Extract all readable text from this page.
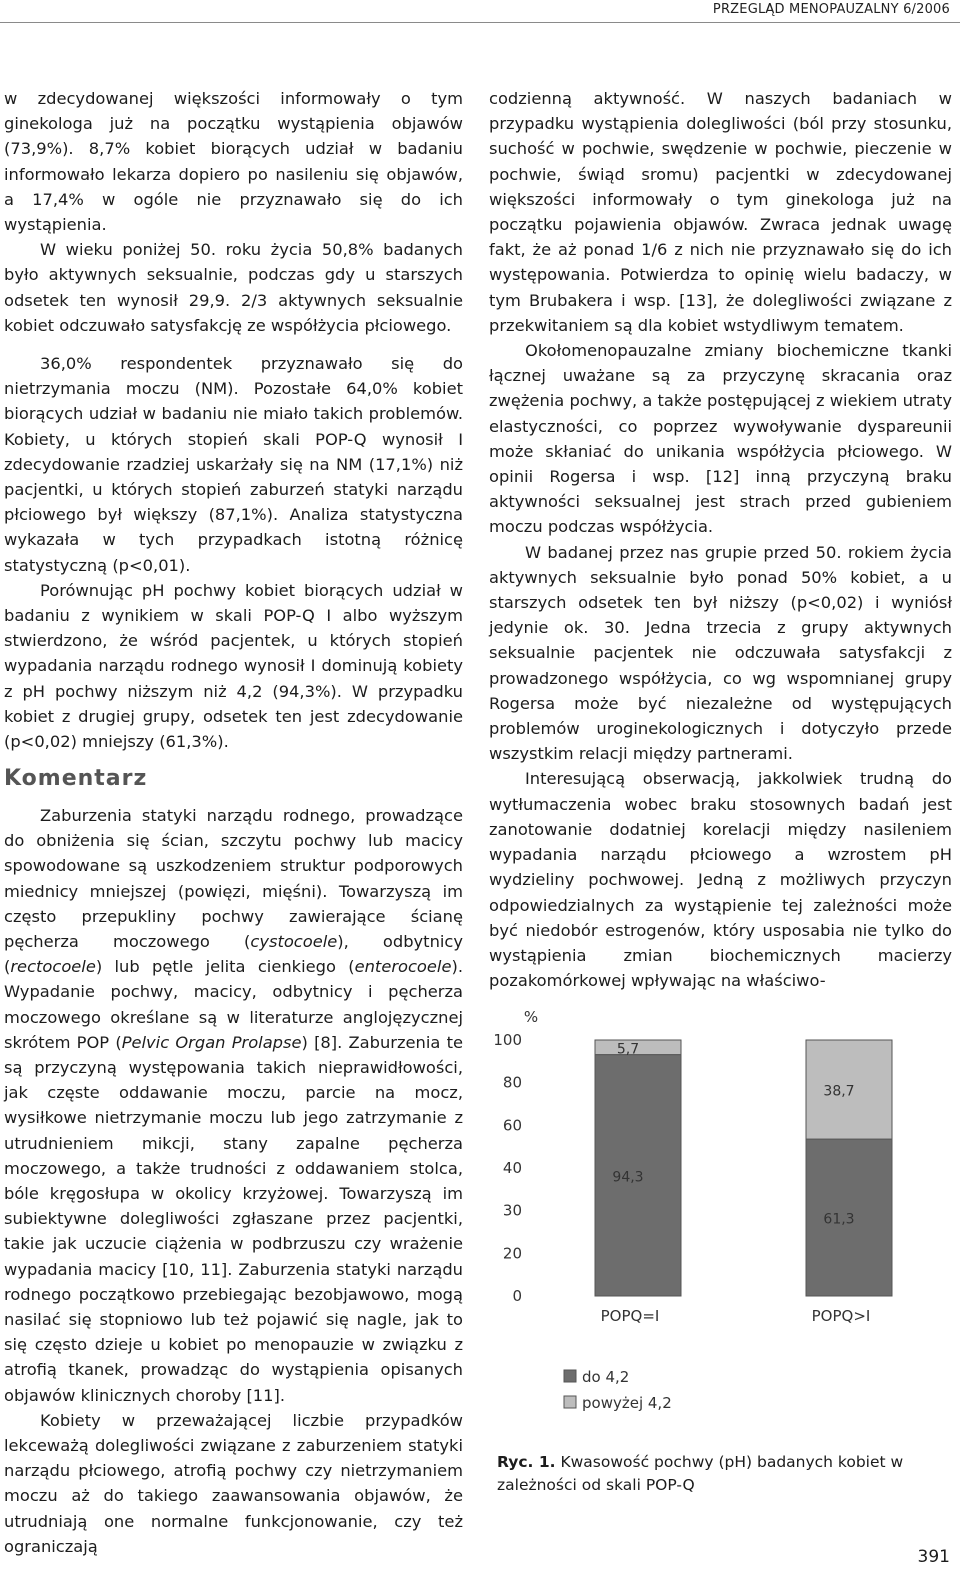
PRZEGLĄD MENOPAUZALNY 6/2006

w zdecydowanej większości informowały o tym ginekologa już na początku wystąpienia objawów (73,9%). 8,7% kobiet biorących udział w badaniu informowało lekarza dopiero po nasileniu się objawów, a 17,4% w ogóle nie przyznawało się do ich wystąpienia.

W wieku poniżej 50. roku życia 50,8% badanych było aktywnych seksualnie, podczas gdy u starszych odsetek ten wynosił 29,9. 2/3 aktywnych seksualnie kobiet odczuwało satysfakcję ze współżycia płciowego.

36,0% respondentek przyznawało się do nietrzymania moczu (NM). Pozostałe 64,0% kobiet biorących udział w badaniu nie miało takich problemów. Kobiety, u których stopień skali POP-Q wynosił I zdecydowanie rzadziej uskarżały się na NM (17,1%) niż pacjentki, u których stopień zaburzeń statyki narządu płciowego był większy (87,1%). Analiza statystyczna wykazała w tych przypadkach istotną różnicę statystyczną (p<0,01).

Porównując pH pochwy kobiet biorących udział w badaniu z wynikiem w skali POP-Q I albo wyższym stwierdzono, że wśród pacjentek, u których stopień wypadania narządu rodnego wynosił I dominują kobiety z pH pochwy niższym niż 4,2 (94,3%). W przypadku kobiet z drugiej grupy, odsetek ten jest zdecydowanie (p<0,02) mniejszy (61,3%).

Komentarz

Zaburzenia statyki narządu rodnego, prowadzące do obniżenia się ścian, szczytu pochwy lub macicy spowodowane są uszkodzeniem struktur podporowych miednicy mniejszej (powięzi, mięśni). Towarzyszą im często przepukliny pochwy zawierające ścianę pęcherza moczowego (cystocoele), odbytnicy (rectocoele) lub pętle jelita cienkiego (enterocoele). Wypadanie pochwy, macicy, odbytnicy i pęcherza moczowego określane są w literaturze anglojęzycznej skrótem POP (Pelvic Organ Prolapse) [8]. Zaburzenia te są przyczyną występowania takich nieprawidłowości, jak częste oddawanie moczu, parcie na mocz, wysiłkowe nietrzymanie moczu lub jego zatrzymanie z utrudnieniem mikcji, stany zapalne pęcherza moczowego, a także trudności z oddawaniem stolca, bóle kręgosłupa w okolicy krzyżowej. Towarzyszą im subiektywne dolegliwości zgłaszane przez pacjentki, takie jak uczucie ciążenia w podbrzuszu czy wrażenie wypadania macicy [10, 11]. Zaburzenia statyki narządu rodnego początkowo przebiegając bezobjawowo, mogą nasilać się stopniowo lub też pojawić się nagle, jak to się często dzieje u kobiet po menopauzie w związku z atrofią tkanek, prowadząc do wystąpienia opisanych objawów klinicznych choroby [11].

Kobiety w przeważającej liczbie przypadków lekceważą dolegliwości związane z zaburzeniem statyki narządu płciowego, atrofią pochwy czy nietrzymaniem moczu aż do takiego zaawansowania objawów, że utrudniają one normalne funkcjonowanie, czy też ograniczają

codzienną aktywność. W naszych badaniach w przypadku wystąpienia dolegliwości (ból przy stosunku, suchość w pochwie, swędzenie w pochwie, pieczenie w pochwie, świąd sromu) pacjentki w zdecydowanej większości informowały o tym ginekologa już na początku pojawienia objawów. Zwraca jednak uwagę fakt, że aż ponad 1/6 z nich nie przyznawało się do ich występowania. Potwierdza to opinię wielu badaczy, w tym Brubakera i wsp. [13], że dolegliwości związane z przekwitaniem są dla kobiet wstydliwym tematem.

Okołomenopauzalne zmiany biochemiczne tkanki łącznej uważane są za przyczynę skracania oraz zwężenia pochwy, a także postępującej z wiekiem utraty elastyczności, co poprzez wywoływanie dyspareunii może skłaniać do unikania współżycia płciowego. W opinii Rogersa i wsp. [12] inną przyczyną braku aktywności seksualnej jest strach przed gubieniem moczu podczas współżycia.

W badanej przez nas grupie przed 50. rokiem życia aktywnych seksualnie było ponad 50% kobiet, a u starszych odsetek ten był niższy (p<0,02) i wyniósł jedynie ok. 30. Jedna trzecia z grupy aktywnych seksualnie pacjentek nie odczuwała satysfakcji z prowadzonego współżycia, co wg wspomnianej grupy Rogersa może być niezależne od występujących problemów uroginekologicznych i dotyczyło przede wszystkim relacji między partnerami.

Interesującą obserwacją, jakkolwiek trudną do wytłumaczenia wobec braku stosownych badań jest zanotowanie dodatniej korelacji między nasileniem wypadania narządu płciowego a wzrostem pH wydzieliny pochwowej. Jedną z możliwych przyczyn odpowiedzialnych za wystąpienie tej zależności może być niedobór estrogenów, który usposabia nie tylko do wystąpienia zmian biochemicznych macierzy pozakomórkowej wpływając na właściwo-

%
100
80
60
40
30
20
0
94,3
5,7
POPQ=I
61,3
38,7
POPQ>I
do 4,2
powyżej 4,2
Ryc. 1. Kwasowość pochwy (pH) badanych kobiet w zależności od skali POP-Q
391
